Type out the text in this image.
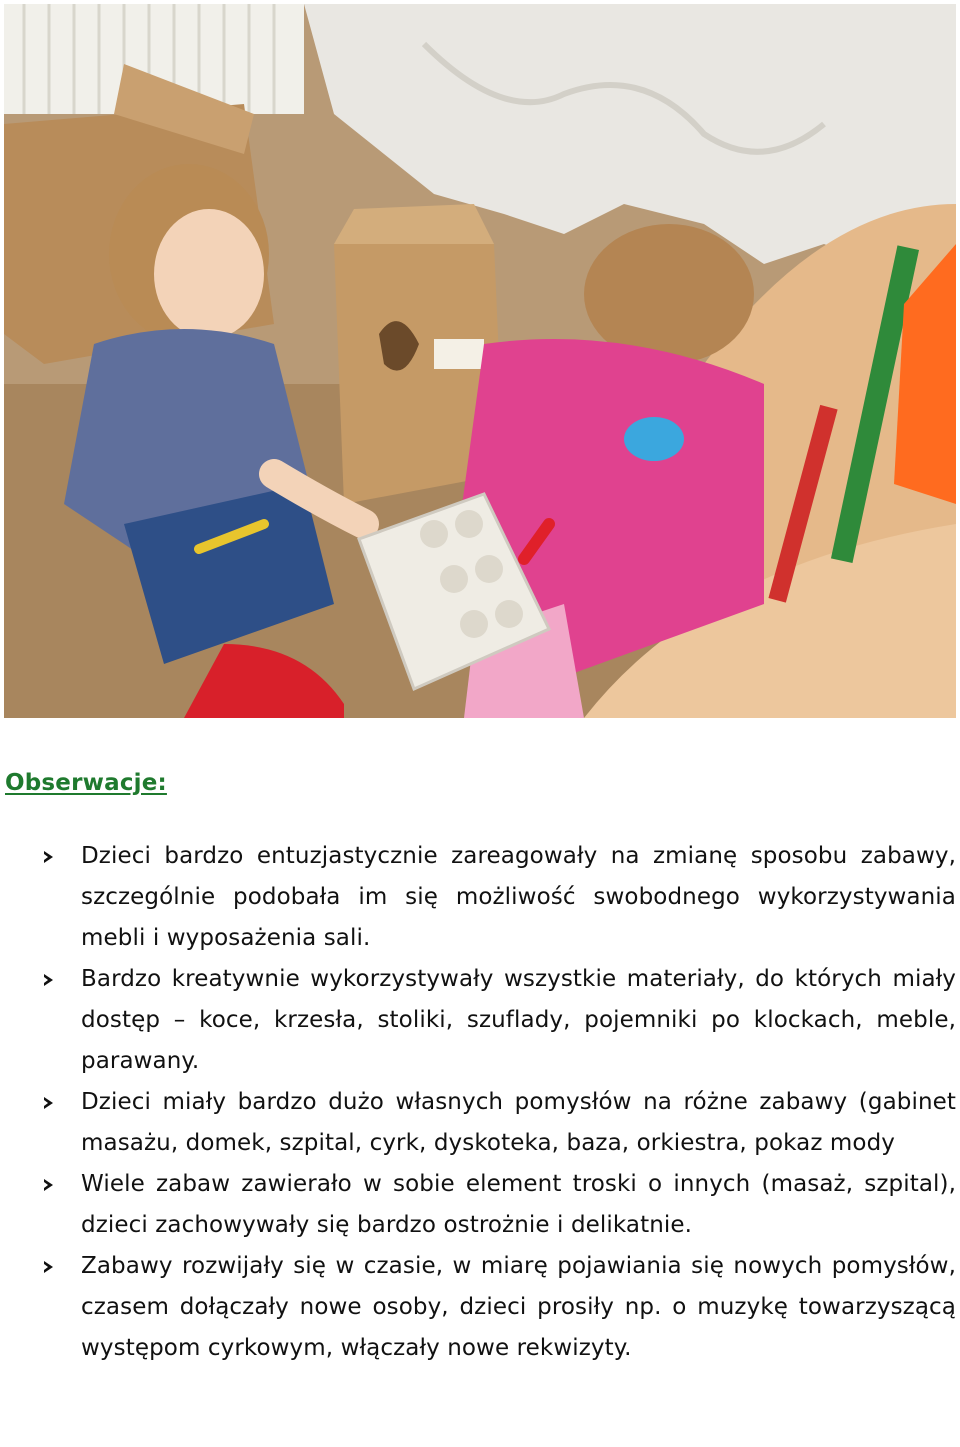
Obserwacje:
Dzieci bardzo entuzjastycznie zareagowały na zmianę sposobu zabawy, szczególnie podobała im się możliwość swobodnego wykorzystywania mebli i wyposażenia sali.
Bardzo kreatywnie wykorzystywały wszystkie materiały, do których miały dostęp – koce, krzesła, stoliki, szuflady, pojemniki po klockach, meble, parawany.
Dzieci miały bardzo dużo własnych pomysłów na różne zabawy (gabinet masażu, domek, szpital, cyrk, dyskoteka, baza, orkiestra, pokaz mody
Wiele zabaw zawierało w sobie element troski o innych (masaż, szpital), dzieci zachowywały się bardzo ostrożnie i delikatnie.
Zabawy rozwijały się w czasie, w miarę pojawiania się nowych pomysłów, czasem dołączały nowe osoby, dzieci prosiły np. o muzykę towarzyszącą występom cyrkowym, włączały nowe rekwizyty.
